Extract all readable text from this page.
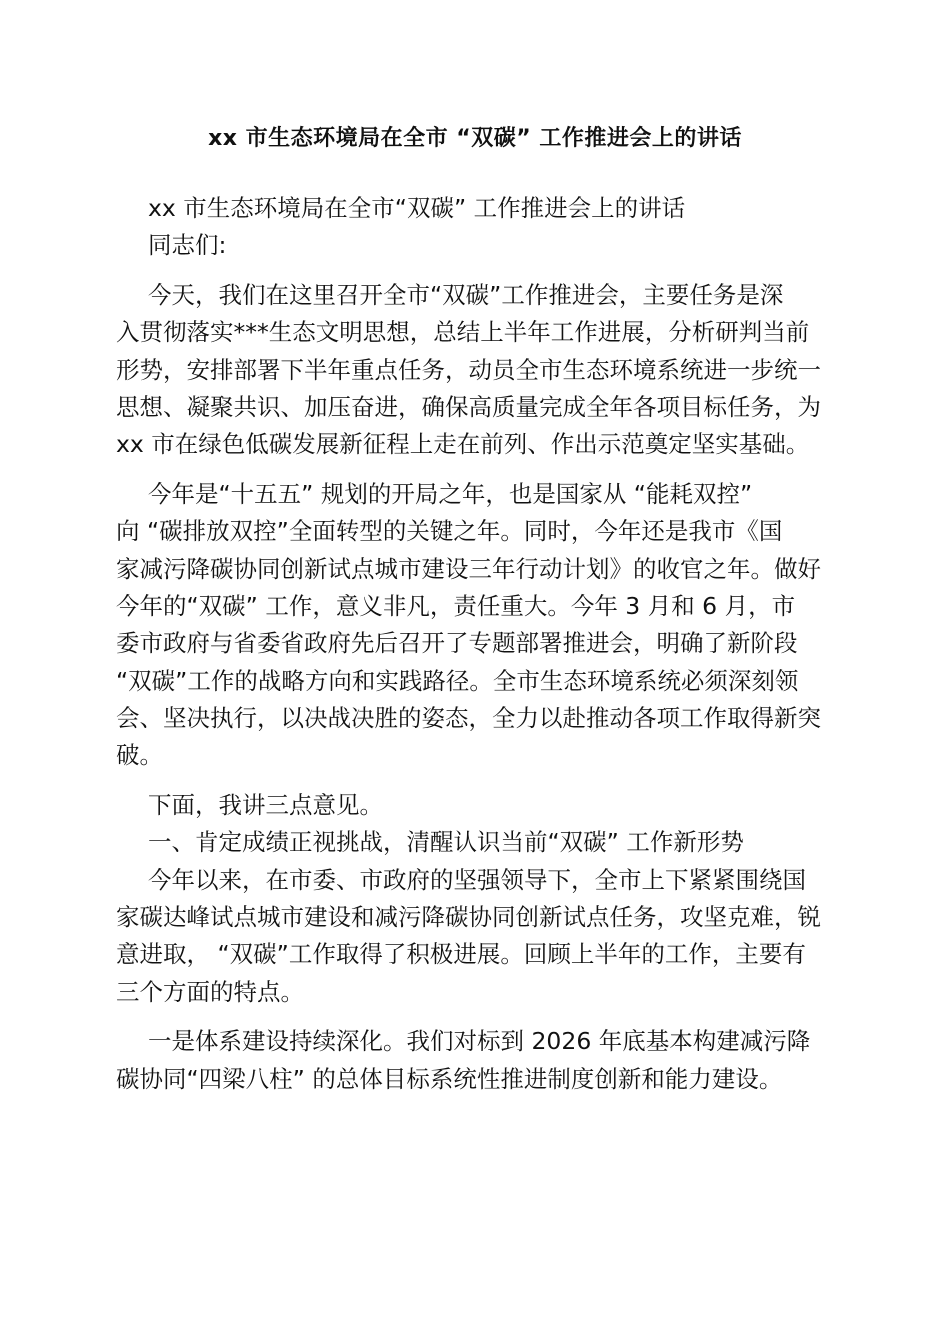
xx 市生态环境局在全市 “双碳” 工作推进会上的讲话
xx 市生态环境局在全市“双碳” 工作推进会上的讲话
同志们:
今天，我们在这里召开全市“双碳”工作推进会，主要任务是深
入贯彻落实***生态文明思想，总结上半年工作进展，分析研判当前
形势，安排部署下半年重点任务，动员全市生态环境系统进一步统一
思想、凝聚共识、加压奋进，确保高质量完成全年各项目标任务，为
xx 市在绿色低碳发展新征程上走在前列、作出示范奠定坚实基础。
今年是“十五五” 规划的开局之年，也是国家从 “能耗双控”
向 “碳排放双控”全面转型的关键之年。同时，今年还是我市《国
家减污降碳协同创新试点城市建设三年行动计划》的收官之年。做好
今年的“双碳” 工作，意义非凡，责任重大。今年 3 月和 6 月，市
委市政府与省委省政府先后召开了专题部署推进会，明确了新阶段
“双碳”工作的战略方向和实践路径。全市生态环境系统必须深刻领
会、坚决执行，以决战决胜的姿态，全力以赴推动各项工作取得新突
破。
下面，我讲三点意见。
一、肯定成绩正视挑战，清醒认识当前“双碳” 工作新形势
今年以来，在市委、市政府的坚强领导下，全市上下紧紧围绕国
家碳达峰试点城市建设和减污降碳协同创新试点任务，攻坚克难，锐
意进取， “双碳”工作取得了积极进展。回顾上半年的工作，主要有
三个方面的特点。
一是体系建设持续深化。我们对标到 2026 年底基本构建减污降
碳协同“四梁八柱” 的总体目标系统性推进制度创新和能力建设。
